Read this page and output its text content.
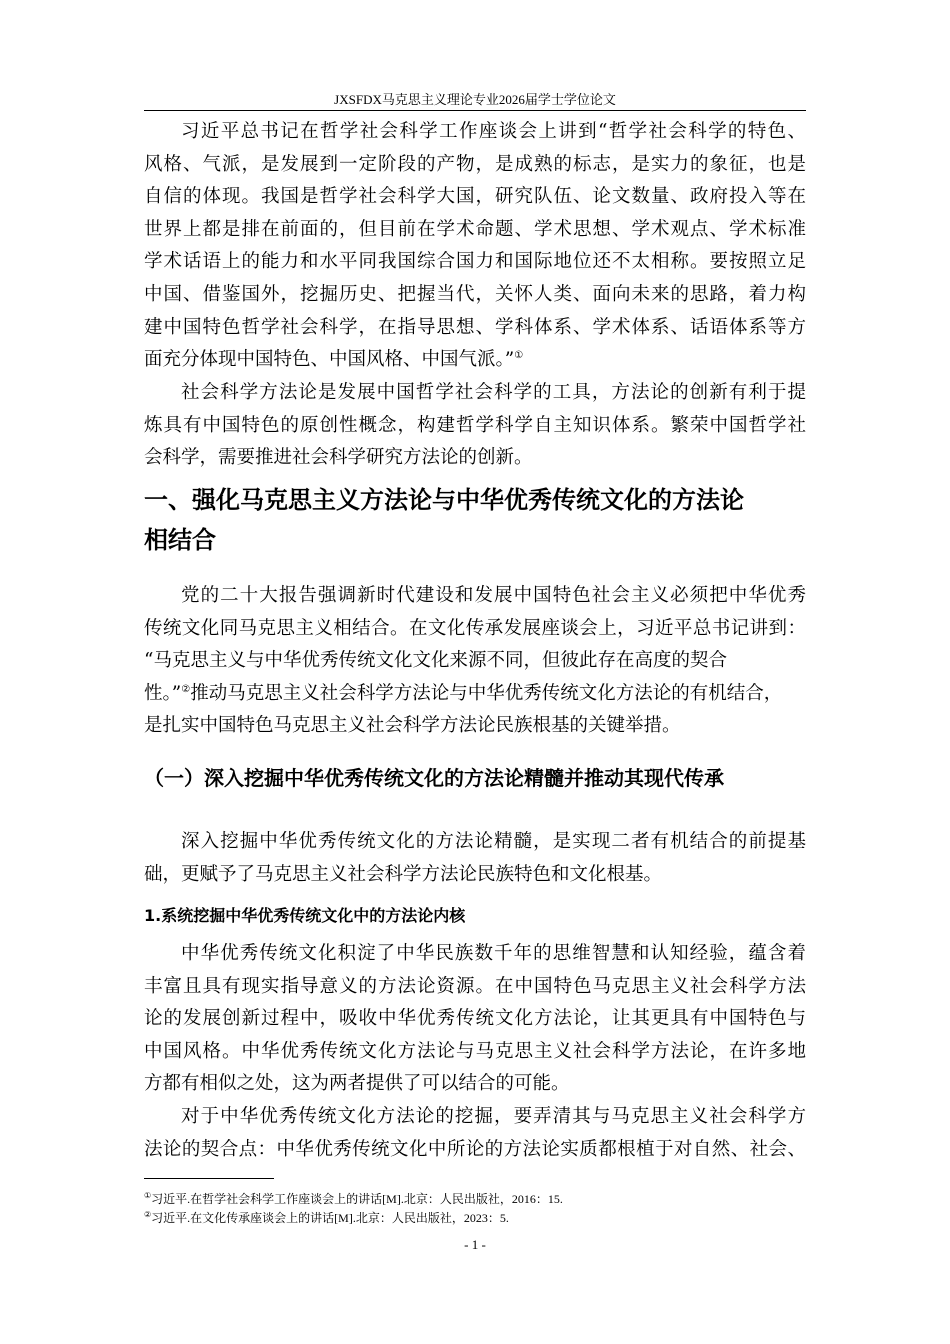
JXSFDX马克思主义理论专业2026届学士学位论文
习近平总书记在哲学社会科学工作座谈会上讲到“哲学社会科学的特色、
风格、气派，是发展到一定阶段的产物，是成熟的标志，是实力的象征，也是
自信的体现。我国是哲学社会科学大国，研究队伍、论文数量、政府投入等在
世界上都是排在前面的，但目前在学术命题、学术思想、学术观点、学术标准
学术话语上的能力和水平同我国综合国力和国际地位还不太相称。要按照立足
中国、借鉴国外，挖掘历史、把握当代，关怀人类、面向未来的思路，着力构
建中国特色哲学社会科学，在指导思想、学科体系、学术体系、话语体系等方
面充分体现中国特色、中国风格、中国气派。”①
社会科学方法论是发展中国哲学社会科学的工具，方法论的创新有利于提
炼具有中国特色的原创性概念，构建哲学科学自主知识体系。繁荣中国哲学社
会科学，需要推进社会科学研究方法论的创新。
一、强化马克思主义方法论与中华优秀传统文化的方法论
相结合
党的二十大报告强调新时代建设和发展中国特色社会主义必须把中华优秀
传统文化同马克思主义相结合。在文化传承发展座谈会上，习近平总书记讲到：
“马克思主义与中华优秀传统文化文化来源不同，但彼此存在高度的契合
性。”②推动马克思主义社会科学方法论与中华优秀传统文化方法论的有机结合，
是扎实中国特色马克思主义社会科学方法论民族根基的关键举措。
（一）深入挖掘中华优秀传统文化的方法论精髓并推动其现代传承
深入挖掘中华优秀传统文化的方法论精髓，是实现二者有机结合的前提基
础，更赋予了马克思主义社会科学方法论民族特色和文化根基。
1.系统挖掘中华优秀传统文化中的方法论内核
中华优秀传统文化积淀了中华民族数千年的思维智慧和认知经验，蕴含着
丰富且具有现实指导意义的方法论资源。在中国特色马克思主义社会科学方法
论的发展创新过程中，吸收中华优秀传统文化方法论，让其更具有中国特色与
中国风格。中华优秀传统文化方法论与马克思主义社会科学方法论，在许多地
方都有相似之处，这为两者提供了可以结合的可能。
对于中华优秀传统文化方法论的挖掘，要弄清其与马克思主义社会科学方
法论的契合点：中华优秀传统文化中所论的方法论实质都根植于对自然、社会、
①习近平.在哲学社会科学工作座谈会上的讲话[M].北京：人民出版社，2016：15.
②习近平.在文化传承座谈会上的讲话[M].北京：人民出版社，2023：5.
- 1 -
